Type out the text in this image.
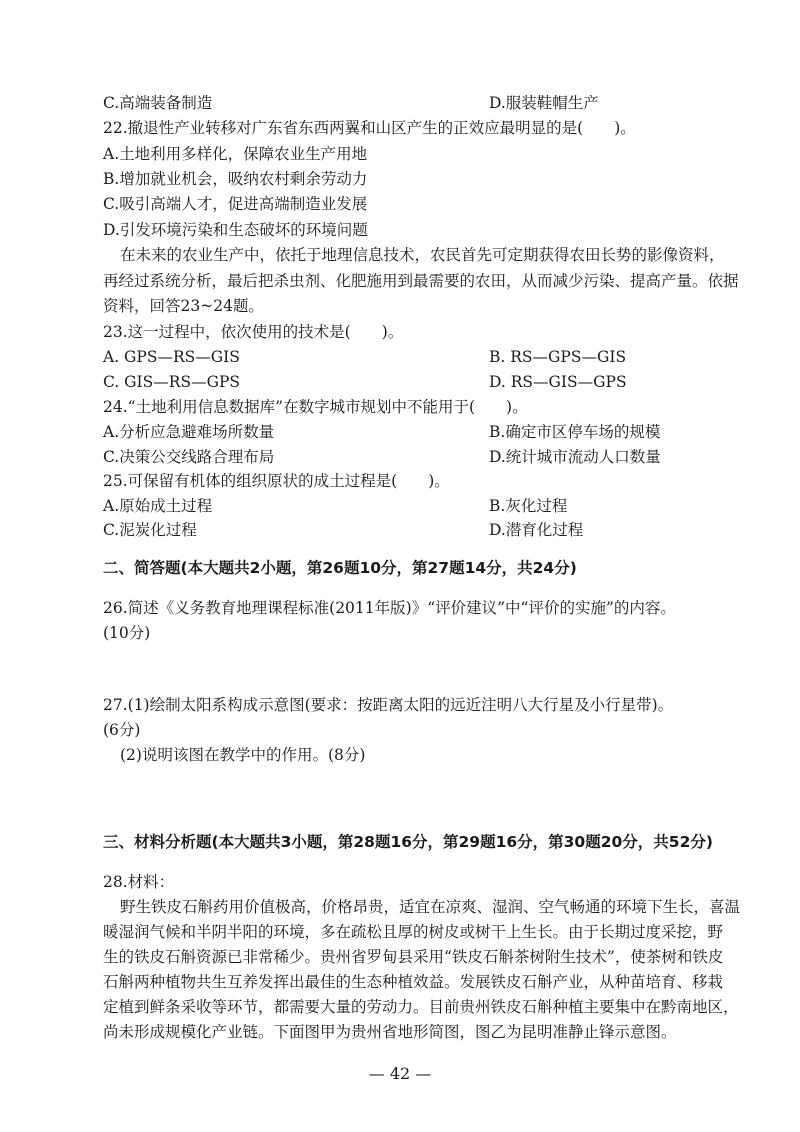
C.高端装备制造	D.服装鞋帽生产
22.撤退性产业转移对广东省东西两翼和山区产生的正效应最明显的是(　　)。
A.土地利用多样化，保障农业生产用地
B.增加就业机会，吸纳农村剩余劳动力
C.吸引高端人才，促进高端制造业发展
D.引发环境污染和生态破坏的环境问题
在未来的农业生产中，依托于地理信息技术，农民首先可定期获得农田长势的影像资料，
再经过系统分析，最后把杀虫剂、化肥施用到最需要的农田，从而减少污染、提高产量。依据
资料，回答23~24题。
23.这一过程中，依次使用的技术是(　　)。
A. GPS—RS—GIS	B. RS—GPS—GIS
C. GIS—RS—GPS	D. RS—GIS—GPS
24.“土地利用信息数据库”在数字城市规划中不能用于(　　)。
A.分析应急避难场所数量	B.确定市区停车场的规模
C.决策公交线路合理布局	D.统计城市流动人口数量
25.可保留有机体的组织原状的成土过程是(　　)。
A.原始成土过程	B.灰化过程
C.泥炭化过程	D.潜育化过程
二、简答题(本大题共2小题，第26题10分，第27题14分，共24分)
26.简述《义务教育地理课程标准(2011年版)》“评价建议”中“评价的实施”的内容。
(10分)
27.(1)绘制太阳系构成示意图(要求：按距离太阳的远近注明八大行星及小行星带)。
(6分)
(2)说明该图在教学中的作用。(8分)
三、材料分析题(本大题共3小题，第28题16分，第29题16分，第30题20分，共52分)
28.材料：
野生铁皮石斛药用价值极高，价格昂贵，适宜在凉爽、湿润、空气畅通的环境下生长，喜温
暖湿润气候和半阴半阳的环境，多在疏松且厚的树皮或树干上生长。由于长期过度采挖，野
生的铁皮石斛资源已非常稀少。贵州省罗甸县采用“铁皮石斛茶树附生技术”，使茶树和铁皮
石斛两种植物共生互养发挥出最佳的生态种植效益。发展铁皮石斛产业，从种苗培育、移栽
定植到鲜条采收等环节，都需要大量的劳动力。目前贵州铁皮石斛种植主要集中在黔南地区，
尚未形成规模化产业链。下面图甲为贵州省地形简图，图乙为昆明准静止锋示意图。
— 42 —
